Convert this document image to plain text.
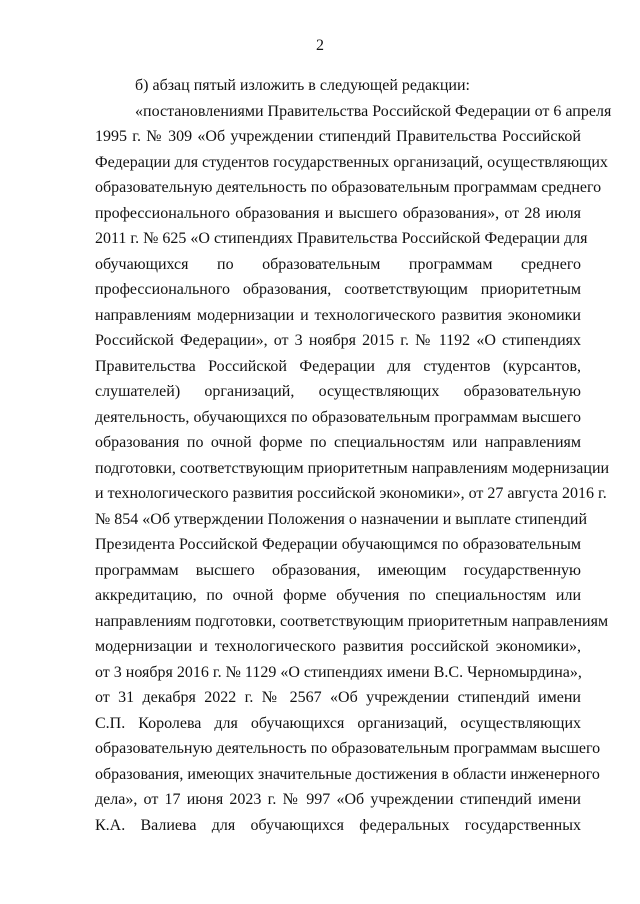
2
б) абзац пятый изложить в следующей редакции:
«постановлениями Правительства Российской Федерации от 6 апреля
1995 г. № 309 «Об учреждении стипендий Правительства Российской
Федерации для студентов государственных организаций, осуществляющих
образовательную деятельность по образовательным программам среднего
профессионального образования и высшего образования», от 28 июля
2011 г. № 625 «О стипендиях Правительства Российской Федерации для
обучающихся по образовательным программам среднего
профессионального образования, соответствующим приоритетным
направлениям модернизации и технологического развития экономики
Российской Федерации», от 3 ноября 2015 г. № 1192 «О стипендиях
Правительства Российской Федерации для студентов (курсантов,
слушателей) организаций, осуществляющих образовательную
деятельность, обучающихся по образовательным программам высшего
образования по очной форме по специальностям или направлениям
подготовки, соответствующим приоритетным направлениям модернизации
и технологического развития российской экономики», от 27 августа 2016 г.
№ 854 «Об утверждении Положения о назначении и выплате стипендий
Президента Российской Федерации обучающимся по образовательным
программам высшего образования, имеющим государственную
аккредитацию, по очной форме обучения по специальностям или
направлениям подготовки, соответствующим приоритетным направлениям
модернизации и технологического развития российской экономики»,
от 3 ноября 2016 г. № 1129 «О стипендиях имени В.С. Черномырдина»,
от 31 декабря 2022 г. № 2567 «Об учреждении стипендий имени
С.П. Королева для обучающихся организаций, осуществляющих
образовательную деятельность по образовательным программам высшего
образования, имеющих значительные достижения в области инженерного
дела», от 17 июня 2023 г. № 997 «Об учреждении стипендий имени
К.А. Валиева для обучающихся федеральных государственных
